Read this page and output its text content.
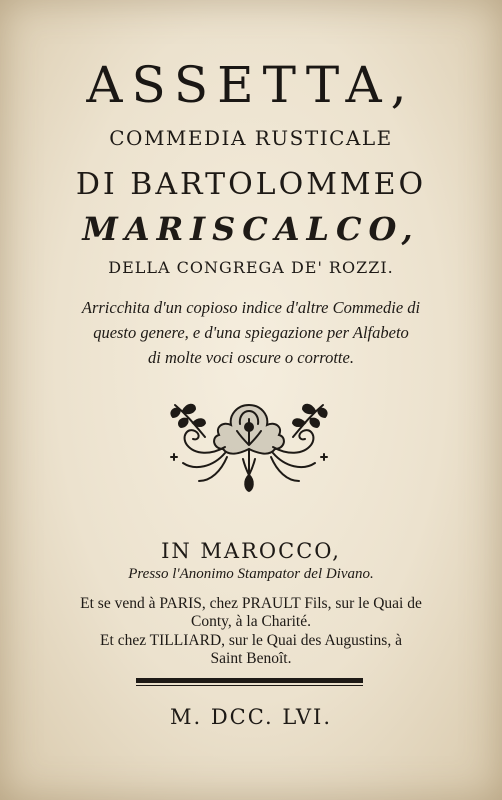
ASSETTA,
COMMEDIA RUSTICALE
DI BARTOLOMMEO
MARISCALCO,
DELLA CONGREGA DE' ROZZI.
Arricchita d'un copioso indice d'altre Commedie di
questo genere, e d'una spiegazione per Alfabeto
di molte voci oscure o corrotte.
IN MAROCCO,
Presso l'Anonimo Stampator del Divano.
Et se vend à PARIS, chez PRAULT Fils, sur le Quai de
Conty, à la Charité.
Et chez TILLIARD, sur le Quai des Augustins, à
Saint Benoît.
M. DCC. LVI.
